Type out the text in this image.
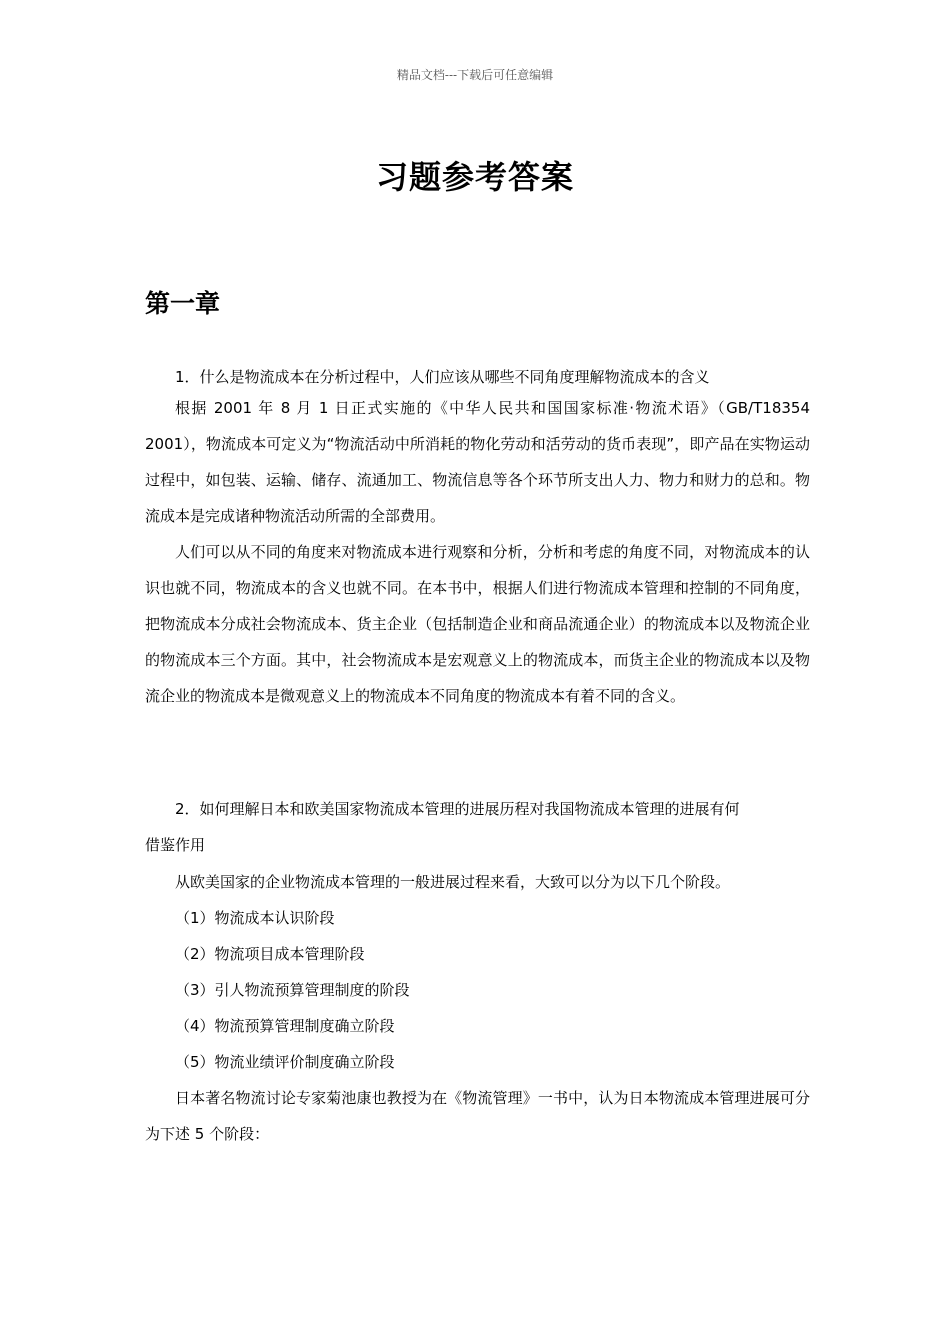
精品文档---下载后可任意编辑
习题参考答案
第一章

1．什么是物流成本在分析过程中，人们应该从哪些不同角度理解物流成本的含义

根据 2001 年 8 月 1 日正式实施的《中华人民共和国国家标准·物流术语》（GB/T18354 2001），物流成本可定义为“物流活动中所消耗的物化劳动和活劳动的货币表现”，即产品在实物运动过程中，如包装、运输、储存、流通加工、物流信息等各个环节所支出人力、物力和财力的总和。物流成本是完成诸种物流活动所需的全部费用。

人们可以从不同的角度来对物流成本进行观察和分析，分析和考虑的角度不同，对物流成本的认识也就不同，物流成本的含义也就不同。在本书中，根据人们进行物流成本管理和控制的不同角度，把物流成本分成社会物流成本、货主企业（包括制造企业和商品流通企业）的物流成本以及物流企业的物流成本三个方面。其中，社会物流成本是宏观意义上的物流成本，而货主企业的物流成本以及物流企业的物流成本是微观意义上的物流成本不同角度的物流成本有着不同的含义。

2．如何理解日本和欧美国家物流成本管理的进展历程对我国物流成本管理的进展有何

借鉴作用

从欧美国家的企业物流成本管理的一般进展过程来看，大致可以分为以下几个阶段。

（1）物流成本认识阶段

（2）物流项目成本管理阶段

（3）引人物流预算管理制度的阶段

（4）物流预算管理制度确立阶段

（5）物流业绩评价制度确立阶段

日本著名物流讨论专家菊池康也教授为在《物流管理》一书中，认为日本物流成本管理进展可分为下述 5 个阶段：
